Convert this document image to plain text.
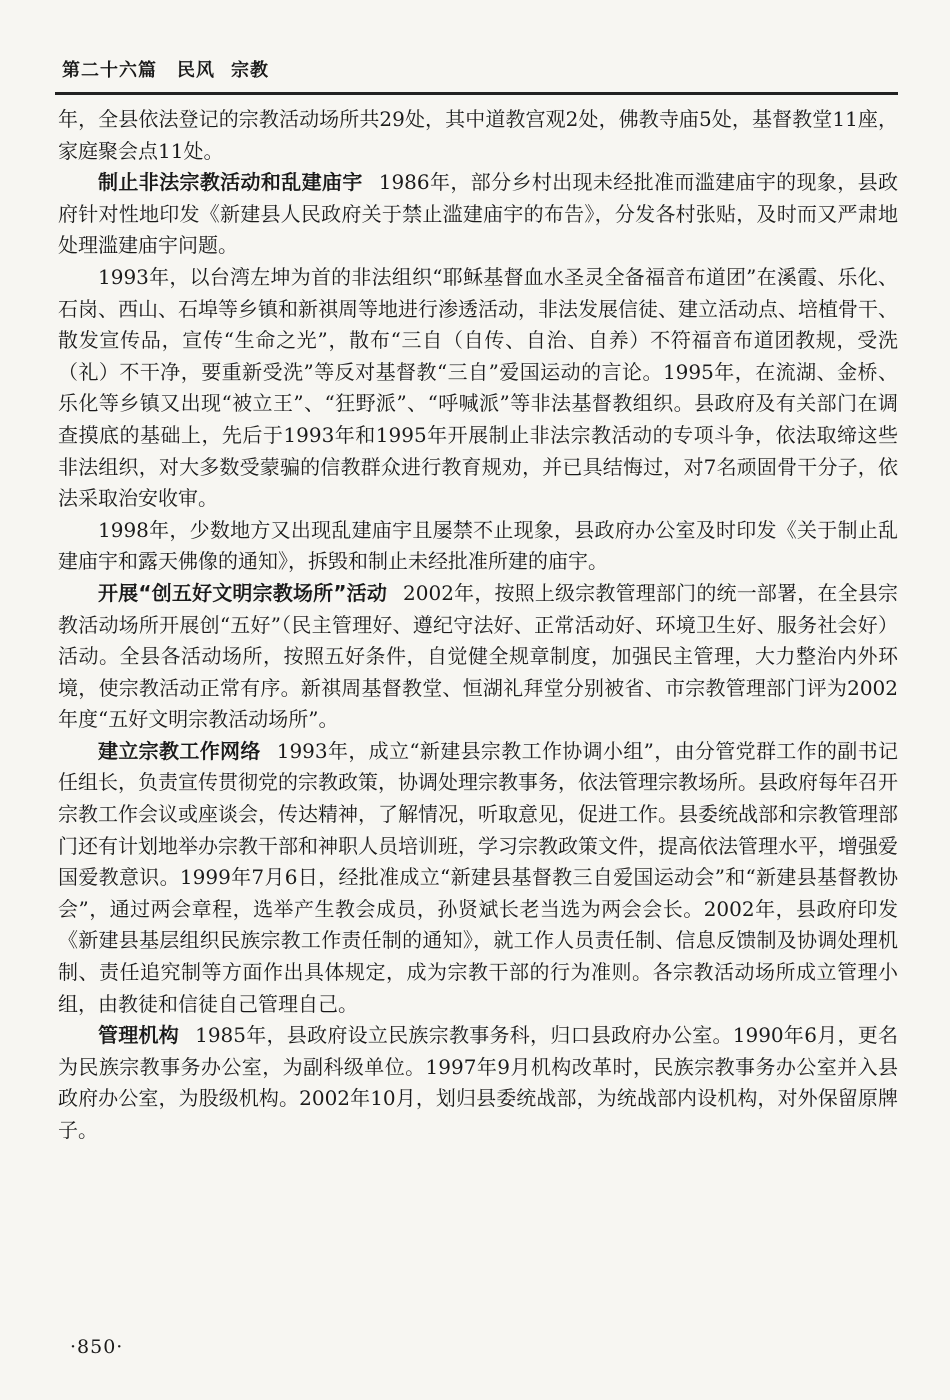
第二十六篇 民风 宗教

年，全县依法登记的宗教活动场所共29处，其中道教宫观2处，佛教寺庙5处，基督教堂11座，家庭聚会点11处。

制止非法宗教活动和乱建庙宇 1986年，部分乡村出现未经批准而滥建庙宇的现象，县政府针对性地印发《新建县人民政府关于禁止滥建庙宇的布告》，分发各村张贴，及时而又严肃地处理滥建庙宇问题。

1993年，以台湾左坤为首的非法组织“耶稣基督血水圣灵全备福音布道团”在溪霞、乐化、石岗、西山、石埠等乡镇和新祺周等地进行渗透活动，非法发展信徒、建立活动点、培植骨干、散发宣传品，宣传“生命之光”，散布“三自（自传、自治、自养）不符福音布道团教规，受洗（礼）不干净，要重新受洗”等反对基督教“三自”爱国运动的言论。1995年，在流湖、金桥、乐化等乡镇又出现“被立王”、“狂野派”、“呼喊派”等非法基督教组织。县政府及有关部门在调查摸底的基础上，先后于1993年和1995年开展制止非法宗教活动的专项斗争，依法取缔这些非法组织，对大多数受蒙骗的信教群众进行教育规劝，并已具结悔过，对7名顽固骨干分子，依法采取治安收审。

1998年，少数地方又出现乱建庙宇且屡禁不止现象，县政府办公室及时印发《关于制止乱建庙宇和露天佛像的通知》，拆毁和制止未经批准所建的庙宇。

开展“创五好文明宗教场所”活动 2002年，按照上级宗教管理部门的统一部署，在全县宗教活动场所开展创“五好”（民主管理好、遵纪守法好、正常活动好、环境卫生好、服务社会好）活动。全县各活动场所，按照五好条件，自觉健全规章制度，加强民主管理，大力整治内外环境，使宗教活动正常有序。新祺周基督教堂、恒湖礼拜堂分别被省、市宗教管理部门评为2002年度“五好文明宗教活动场所”。

建立宗教工作网络 1993年，成立“新建县宗教工作协调小组”，由分管党群工作的副书记任组长，负责宣传贯彻党的宗教政策，协调处理宗教事务，依法管理宗教场所。县政府每年召开宗教工作会议或座谈会，传达精神，了解情况，听取意见，促进工作。县委统战部和宗教管理部门还有计划地举办宗教干部和神职人员培训班，学习宗教政策文件，提高依法管理水平，增强爱国爱教意识。1999年7月6日，经批准成立“新建县基督教三自爱国运动会”和“新建县基督教协会”，通过两会章程，选举产生教会成员，孙贤斌长老当选为两会会长。2002年，县政府印发《新建县基层组织民族宗教工作责任制的通知》，就工作人员责任制、信息反馈制及协调处理机制、责任追究制等方面作出具体规定，成为宗教干部的行为准则。各宗教活动场所成立管理小组，由教徒和信徒自己管理自己。

管理机构 1985年，县政府设立民族宗教事务科，归口县政府办公室。1990年6月，更名为民族宗教事务办公室，为副科级单位。1997年9月机构改革时，民族宗教事务办公室并入县政府办公室，为股级机构。2002年10月，划归县委统战部，为统战部内设机构，对外保留原牌子。

·850·
